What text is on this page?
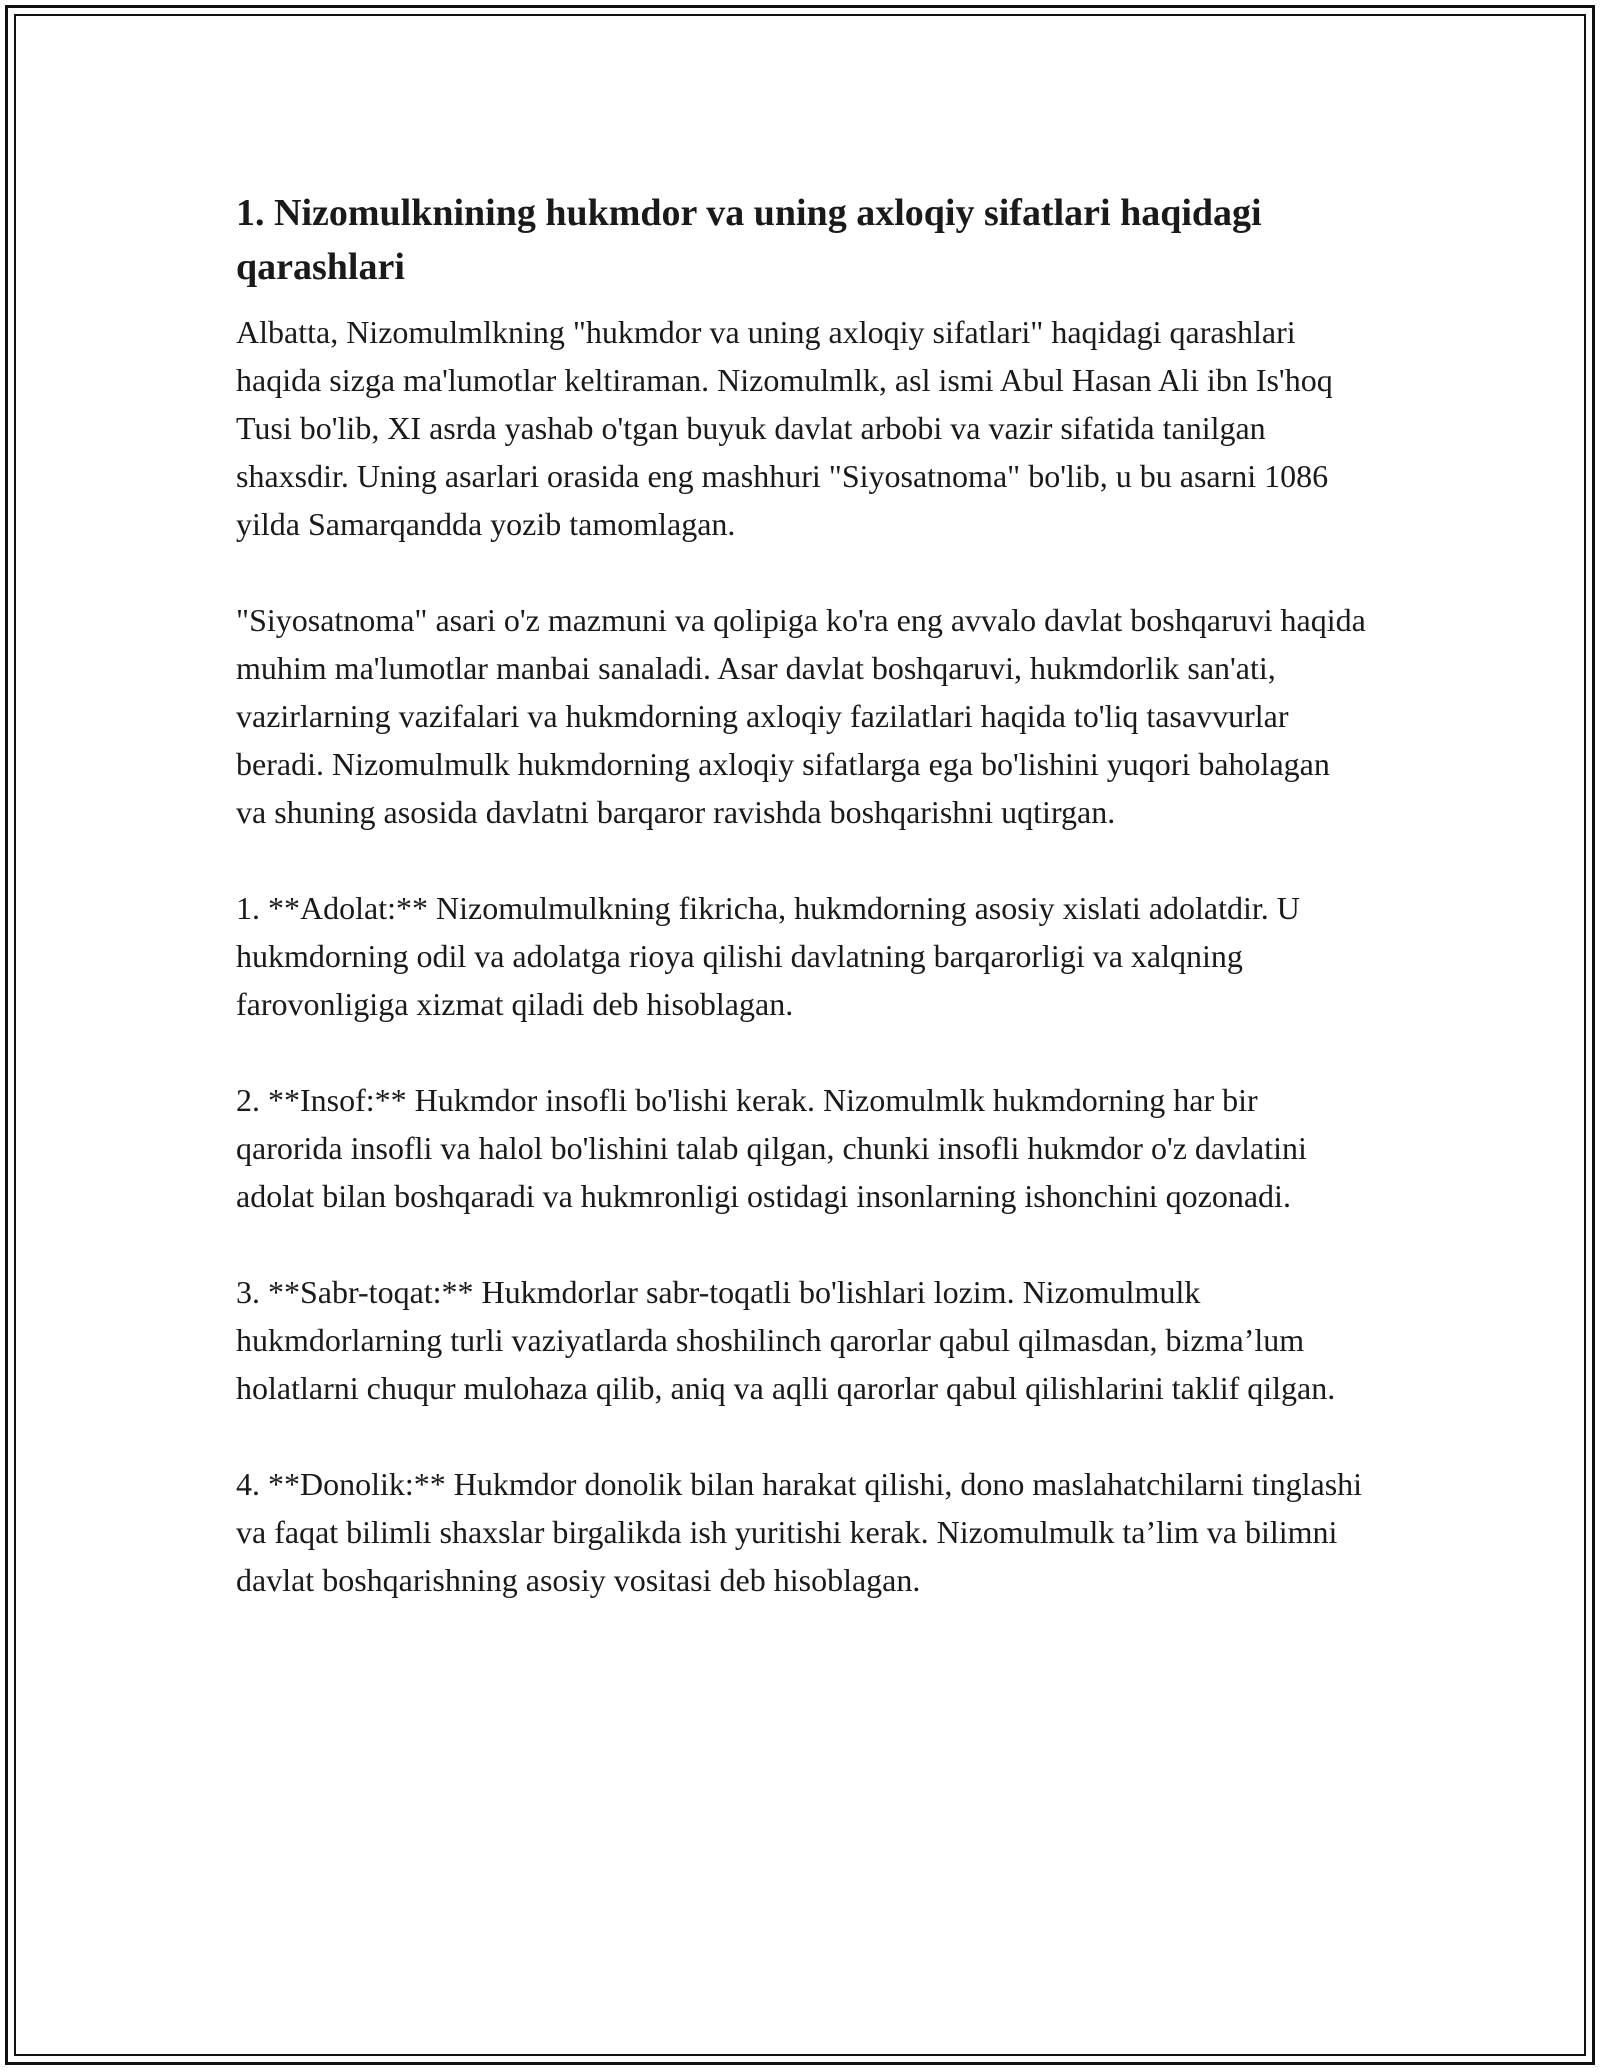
1. Nizomulknining hukmdor va uning axloqiy sifatlari haqidagi qarashlari

Albatta, Nizomulmlkning "hukmdor va uning axloqiy sifatlari" haqidagi qarashlari haqida sizga ma'lumotlar keltiraman. Nizomulmlk, asl ismi Abul Hasan Ali ibn Is'hoq Tusi bo'lib, XI asrda yashab o'tgan buyuk davlat arbobi va vazir sifatida tanilgan shaxsdir. Uning asarlari orasida eng mashhuri "Siyosatnoma" bo'lib, u bu asarni 1086 yilda Samarqandda yozib tamomlagan.

"Siyosatnoma" asari o'z mazmuni va qolipiga ko'ra eng avvalo davlat boshqaruvi haqida muhim ma'lumotlar manbai sanaladi. Asar davlat boshqaruvi, hukmdorlik san'ati, vazirlarning vazifalari va hukmdorning axloqiy fazilatlari haqida to'liq tasavvurlar beradi. Nizomulmulk hukmdorning axloqiy sifatlarga ega bo'lishini yuqori baholagan va shuning asosida davlatni barqaror ravishda boshqarishni uqtirgan.

1. **Adolat:** Nizomulmulkning fikricha, hukmdorning asosiy xislati adolatdir. U hukmdorning odil va adolatga rioya qilishi davlatning barqarorligi va xalqning farovonligiga xizmat qiladi deb hisoblagan.

2. **Insof:** Hukmdor insofli bo'lishi kerak. Nizomulmlk hukmdorning har bir qarorida insofli va halol bo'lishini talab qilgan, chunki insofli hukmdor o'z davlatini adolat bilan boshqaradi va hukmronligi ostidagi insonlarning ishonchini qozonadi.

3. **Sabr-toqat:** Hukmdorlar sabr-toqatli bo'lishlari lozim. Nizomulmulk hukmdorlarning turli vaziyatlarda shoshilinch qarorlar qabul qilmasdan, bizma’lum holatlarni chuqur mulohaza qilib, aniq va aqlli qarorlar qabul qilishlarini taklif qilgan.

4. **Donolik:** Hukmdor donolik bilan harakat qilishi, dono maslahatchilarni tinglashi va faqat bilimli shaxslar birgalikda ish yuritishi kerak. Nizomulmulk ta’lim va bilimni davlat boshqarishning asosiy vositasi deb hisoblagan.
